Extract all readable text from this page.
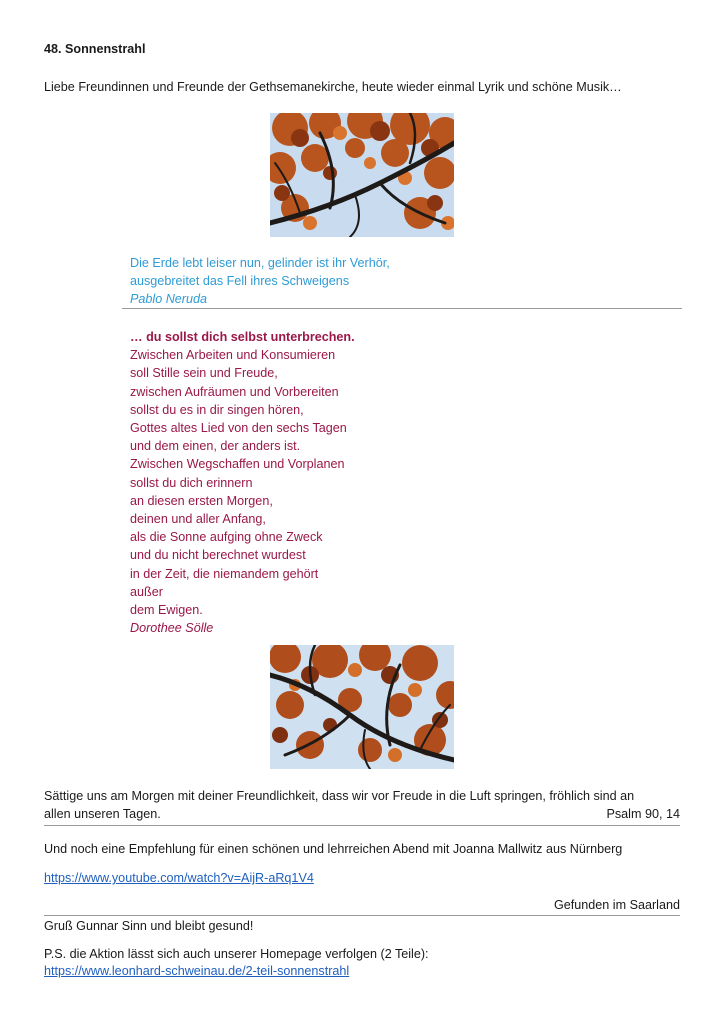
48. Sonnenstrahl
Liebe Freundinnen und Freunde der Gethsemanekirche, heute wieder einmal Lyrik und schöne Musik…
Die Erde lebt leiser nun, gelinder ist ihr Verhör,
ausgebreitet das Fell ihres Schweigens
Pablo Neruda
… du sollst dich selbst unterbrechen.
Zwischen Arbeiten und Konsumieren
soll Stille sein und Freude,
zwischen Aufräumen und Vorbereiten
sollst du es in dir singen hören,
Gottes altes Lied von den sechs Tagen
und dem einen, der anders ist.
Zwischen Wegschaffen und Vorplanen
sollst du dich erinnern
an diesen ersten Morgen,
deinen und aller Anfang,
als die Sonne aufging ohne Zweck
und du nicht berechnet wurdest
in der Zeit, die niemandem gehört
außer
dem Ewigen.
Dorothee Sölle
Sättige uns am Morgen mit deiner Freundlichkeit, dass wir vor Freude in die Luft springen, fröhlich sind an
allen unseren Tagen.	Psalm 90, 14
Und noch eine Empfehlung für einen schönen und lehrreichen Abend mit Joanna Mallwitz aus Nürnberg
https://www.youtube.com/watch?v=AijR-aRq1V4
Gefunden im Saarland
Gruß Gunnar Sinn und bleibt gesund!
P.S. die Aktion lässt sich auch unserer Homepage verfolgen (2 Teile):
https://www.leonhard-schweinau.de/2-teil-sonnenstrahl
